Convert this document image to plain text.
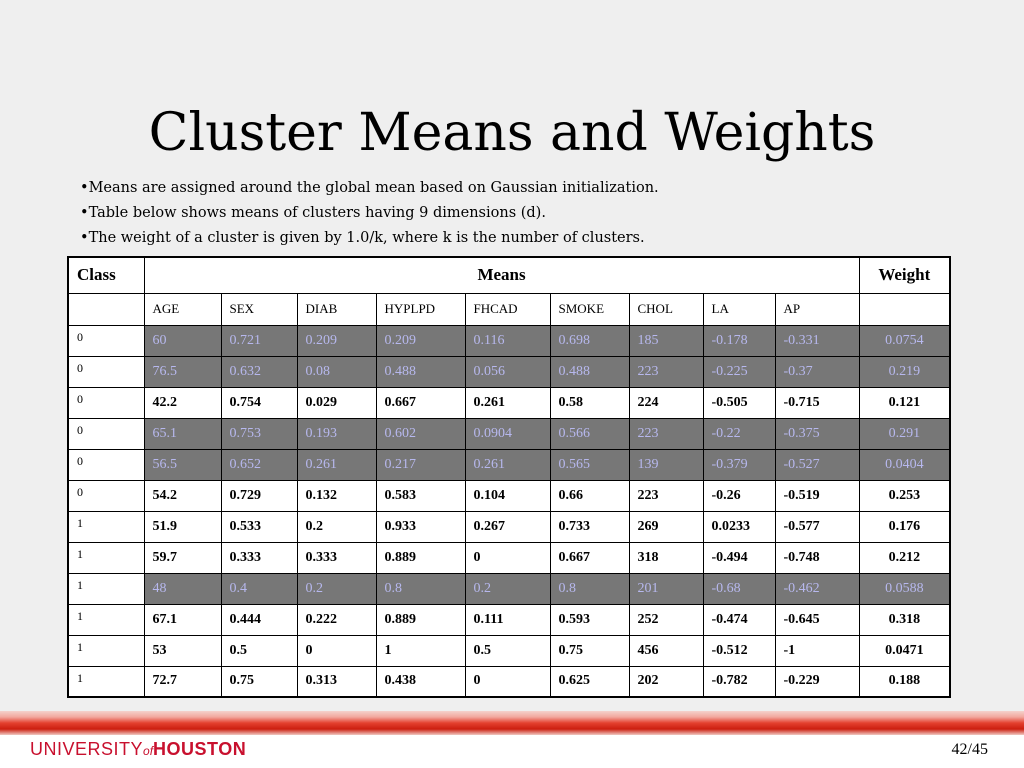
Cluster Means and Weights
• Means are assigned around the global mean based on Gaussian initialization.
• Table below shows means of clusters having 9 dimensions (d).
• The weight of a cluster is given by 1.0/k, where k is the number of clusters.
Class	Means									Weight
	AGE	SEX	DIAB	HYPLPD	FHCAD	SMOKE	CHOL	LA	AP	
0	60	0.721	0.209	0.209	0.116	0.698	185	-0.178	-0.331	0.0754
0	76.5	0.632	0.08	0.488	0.056	0.488	223	-0.225	-0.37	0.219
0	42.2	0.754	0.029	0.667	0.261	0.58	224	-0.505	-0.715	0.121
0	65.1	0.753	0.193	0.602	0.0904	0.566	223	-0.22	-0.375	0.291
0	56.5	0.652	0.261	0.217	0.261	0.565	139	-0.379	-0.527	0.0404
0	54.2	0.729	0.132	0.583	0.104	0.66	223	-0.26	-0.519	0.253
1	51.9	0.533	0.2	0.933	0.267	0.733	269	0.0233	-0.577	0.176
1	59.7	0.333	0.333	0.889	0	0.667	318	-0.494	-0.748	0.212
1	48	0.4	0.2	0.8	0.2	0.8	201	-0.68	-0.462	0.0588
1	67.1	0.444	0.222	0.889	0.111	0.593	252	-0.474	-0.645	0.318
1	53	0.5	0	1	0.5	0.75	456	-0.512	-1	0.0471
1	72.7	0.75	0.313	0.438	0	0.625	202	-0.782	-0.229	0.188
UNIVERSITYofHOUSTON	42/45
